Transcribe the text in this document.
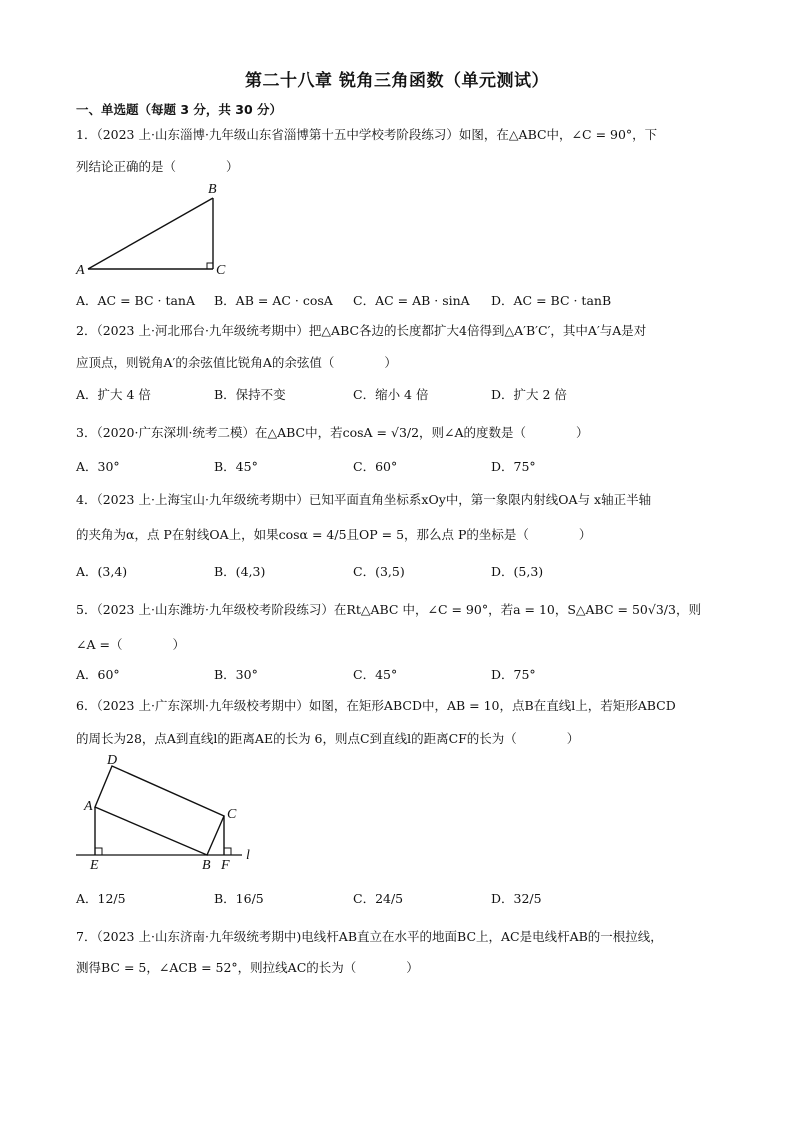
第二十八章 锐角三角函数（单元测试）
一、单选题（每题 3 分，共 30 分）
1．（2023 上·山东淄博·九年级山东省淄博第十五中学校考阶段练习）如图，在△ABC中，∠C = 90°，下
列结论正确的是（　　　　）
A
B
C
A．AC = BC · tanA B．AB = AC · cosA C．AC = AB · sinA D．AC = BC · tanB
2．（2023 上·河北邢台·九年级统考期中）把△ABC各边的长度都扩大4倍得到△A′B′C′，其中A′与A是对
应顶点，则锐角A′的余弦值比锐角A的余弦值（　　　　）
A．扩大 4 倍	B．保持不变	C．缩小 4 倍	D．扩大 2 倍
3．（2020·广东深圳·统考二模）在△ABC中，若cosA = √3/2，则∠A的度数是（　　　　）
A．30°	B．45°	C．60°	D．75°
4．（2023 上·上海宝山·九年级统考期中）已知平面直角坐标系xOy中，第一象限内射线OA与 x轴正半轴
的夹角为α，点 P在射线OA上，如果cosα = 4/5且OP = 5，那么点 P的坐标是（　　　　）
A．(3,4)	B．(4,3)	C．(3,5)	D．(5,3)
5．（2023 上·山东潍坊·九年级校考阶段练习）在Rt△ABC 中，∠C = 90°，若a = 10，S△ABC = 50√3/3，则
∠A =（　　　　）
A．60°	B．30°	C．45°	D．75°
6．（2023 上·广东深圳·九年级校考期中）如图，在矩形ABCD中，AB = 10，点B在直线l上，若矩形ABCD
的周长为28，点A到直线l的距离AE的长为 6，则点C到直线l的距离CF的长为（　　　　）
D
A
C
E	B F
l
A．12/5	B．16/5	C．24/5	D．32/5
7．（2023 上·山东济南·九年级统考期中)电线杆AB直立在水平的地面BC上，AC是电线杆AB的一根拉线，
测得BC = 5，∠ACB = 52°，则拉线AC的长为（　　　　）
